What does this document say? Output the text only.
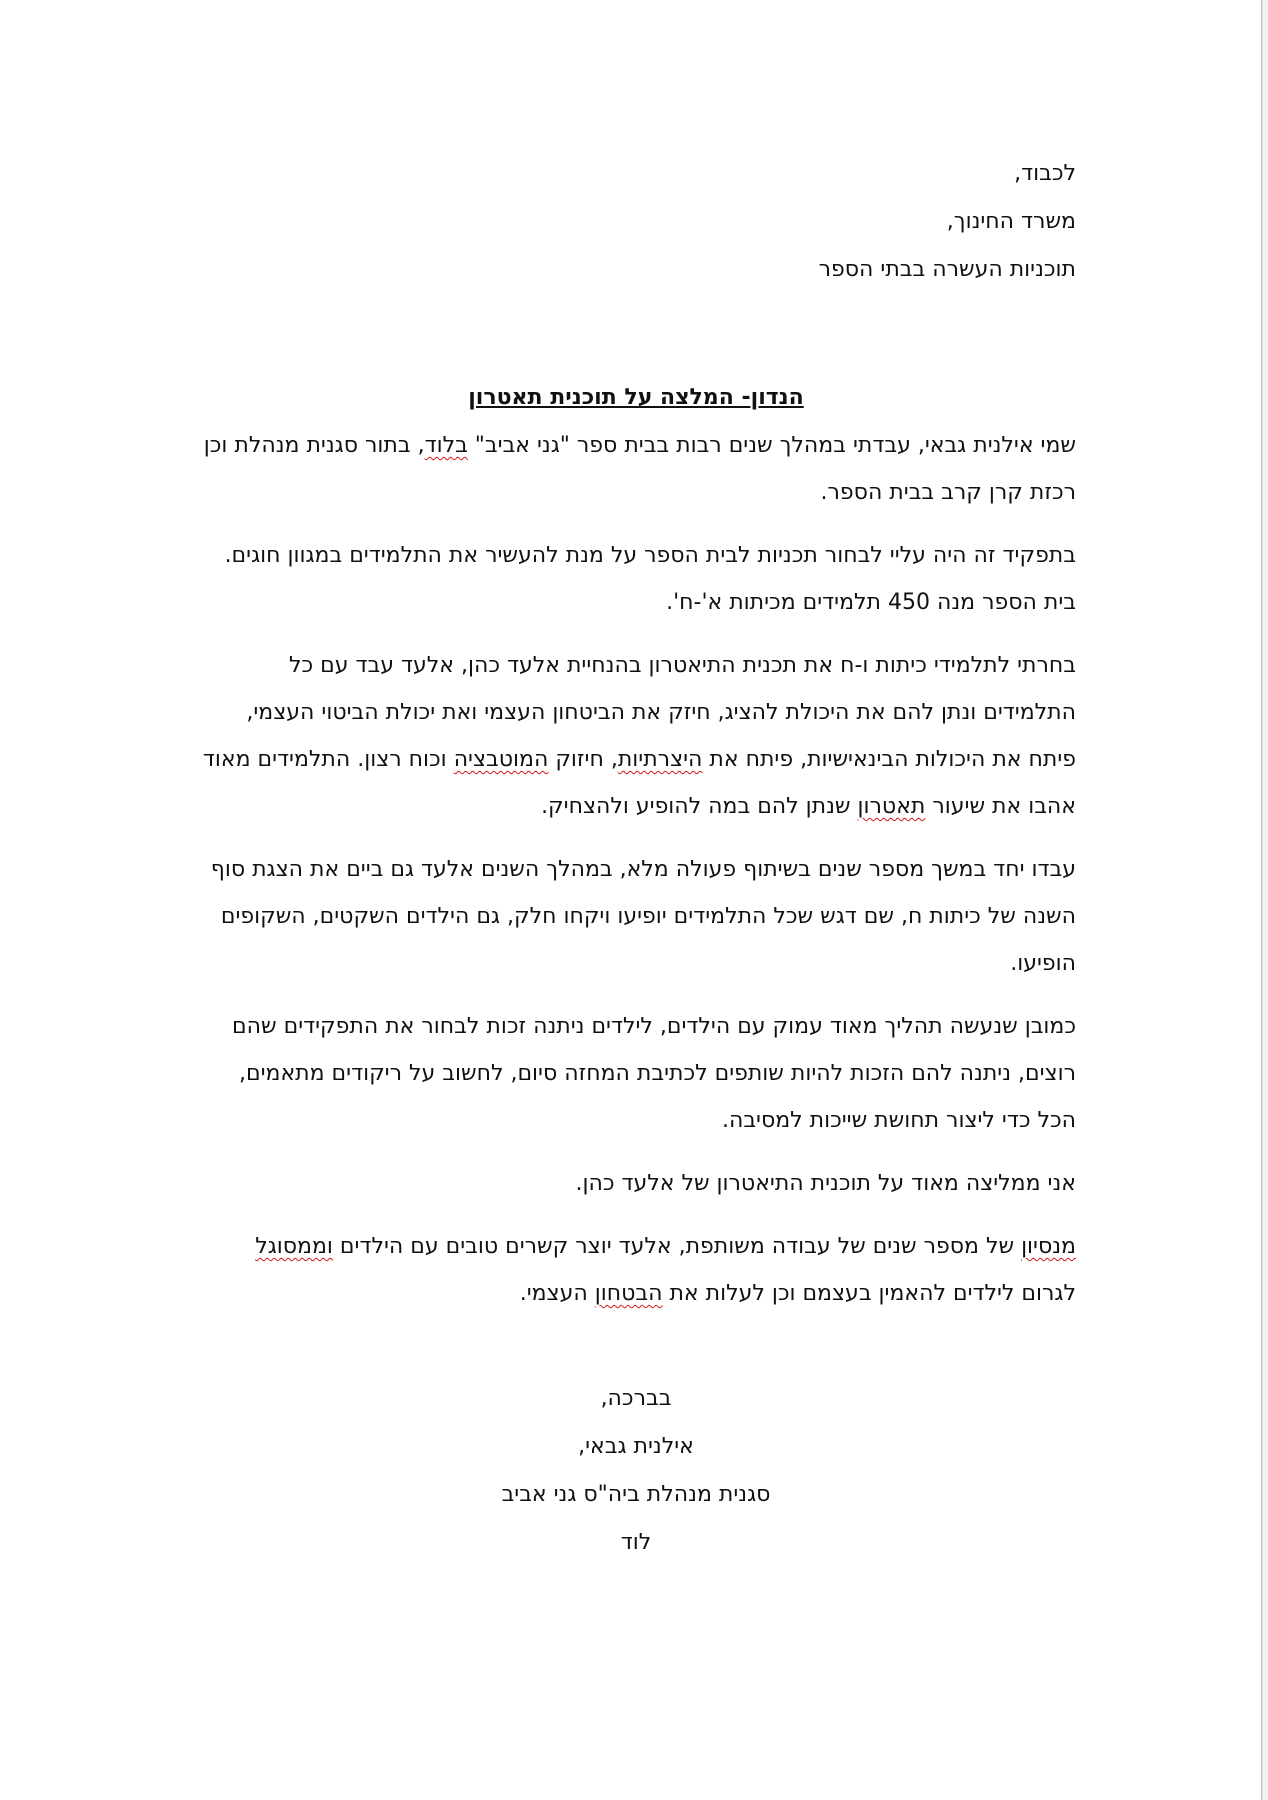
לכבוד,

משרד החינוך,

תוכניות העשרה בבתי הספר

הנדון- המלצה על תוכנית תאטרון

שמי אילנית גבאי, עבדתי במהלך שנים רבות בבית ספר "גני אביב" בלוד, בתור סגנית מנהלת וכן רכזת קרן קרב בבית הספר.

בתפקיד זה היה עליי לבחור תכניות לבית הספר על מנת להעשיר את התלמידים במגוון חוגים. בית הספר מנה 450 תלמידים מכיתות א'-ח'.

בחרתי לתלמידי כיתות ו-ח את תכנית התיאטרון בהנחיית אלעד כהן, אלעד עבד עם כל התלמידים ונתן להם את היכולת להציג, חיזק את הביטחון העצמי ואת יכולת הביטוי העצמי, פיתח את היכולות הבינאישיות, פיתח את היצרתיות, חיזוק המוטבציה וכוח רצון. התלמידים מאוד אהבו את שיעור תאטרון שנתן להם במה להופיע ולהצחיק.

עבדו יחד במשך מספר שנים בשיתוף פעולה מלא, במהלך השנים אלעד גם ביים את הצגת סוף השנה של כיתות ח, שם דגש שכל התלמידים יופיעו ויקחו חלק, גם הילדים השקטים, השקופים הופיעו.

כמובן שנעשה תהליך מאוד עמוק עם הילדים, לילדים ניתנה זכות לבחור את התפקידים שהם רוצים, ניתנה להם הזכות להיות שותפים לכתיבת המחזה סיום, לחשוב על ריקודים מתאמים, הכל כדי ליצור תחושת שייכות למסיבה.

אני ממליצה מאוד על תוכנית התיאטרון של אלעד כהן.

מנסיון של מספר שנים של עבודה משותפת, אלעד יוצר קשרים טובים עם הילדים וממסוגל לגרום לילדים להאמין בעצמם וכן לעלות את הבטחון העצמי.

בברכה,

אילנית גבאי,

סגנית מנהלת ביה"ס גני אביב

לוד
